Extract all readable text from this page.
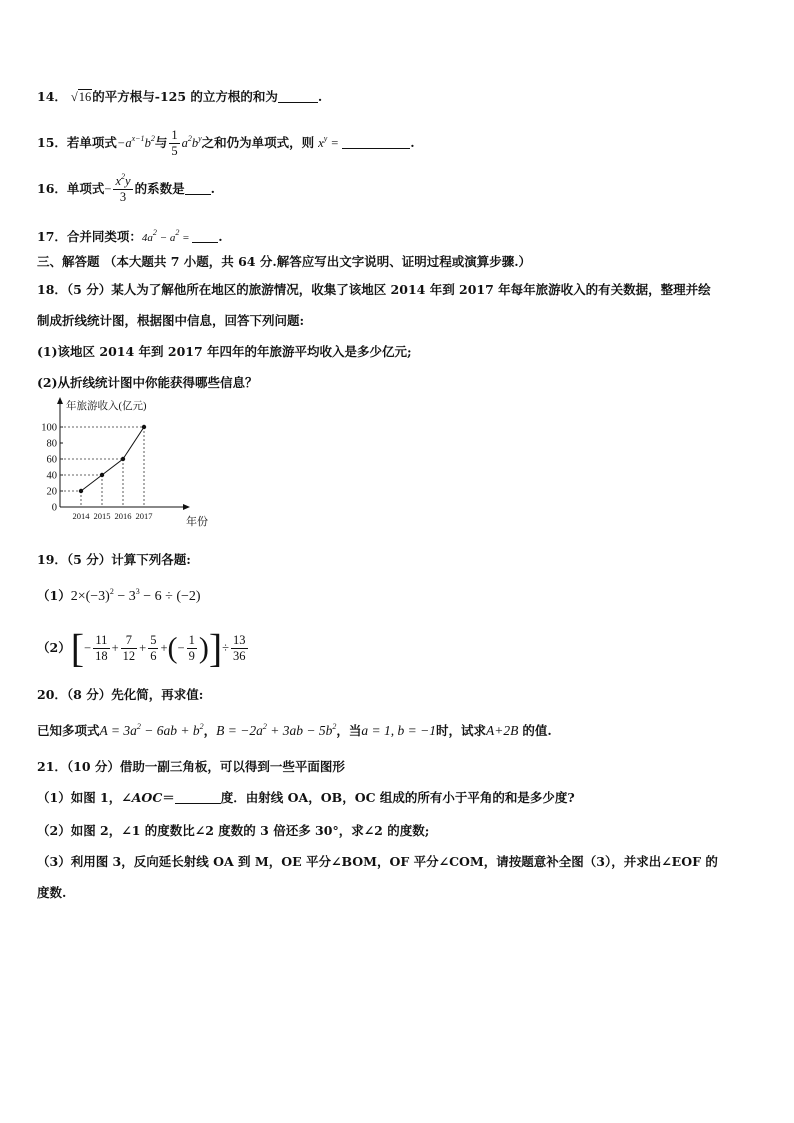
14． √16的平方根与-125 的立方根的和为	.
15．若单项式$-a^{x-1}b^2$与 $\frac{1}{5} a^2b^y$之和仍为单项式，则 $x^y$ =	.
16．单项式− $\frac{x^2y}{3}$ 的系数是 .
17．合并同类项：$4a^2 - a^2$ = .
三、解答题 （本大题共 7 小题，共 64 分.解答应写出文字说明、证明过程或演算步骤.）
18．（5 分）某人为了解他所在地区的旅游情况，收集了该地区 2014 年到 2017 年每年旅游收入的有关数据，整理并绘
制成折线统计图，根据图中信息，回答下列问题:
(1)该地区 2014 年到 2017 年四年的年旅游平均收入是多少亿元;
(2)从折线统计图中你能获得哪些信息？
年旅游收入(亿元)
年份
0
20
40
60
80
100
2014 2015 2016 2017
19．（5 分）计算下列各题:
$(1)2\times(-3)^2 - 3^3 - 6 \div (-2)$
$(2)[- \frac{11}{18} + \frac{7}{12} + \frac{5}{6}$ +(− $\frac{1}{9}$ )]÷ $\frac{13}{36}$
20．（8 分）先化简，再求值:
已知多项式$A = 3a^2 - 6ab + b^2$，$B = -2a^2 + 3ab - 5b^2$，当a = 1, b = −1时，试求A+2B 的值.
21．（10 分）借助一副三角板，可以得到一些平面图形
（1）如图 1，∠AOC＝	度．由射线 OA，OB，OC 组成的所有小于平角的和是多少度?
（2）如图 2，∠1 的度数比∠2 度数的 3 倍还多 30°，求∠2 的度数;
（3）利用图 3，反向延长射线 OA 到 M，OE 平分∠BOM，OF 平分∠COM，请按题意补全图（3），并求出∠EOF 的
度数.
